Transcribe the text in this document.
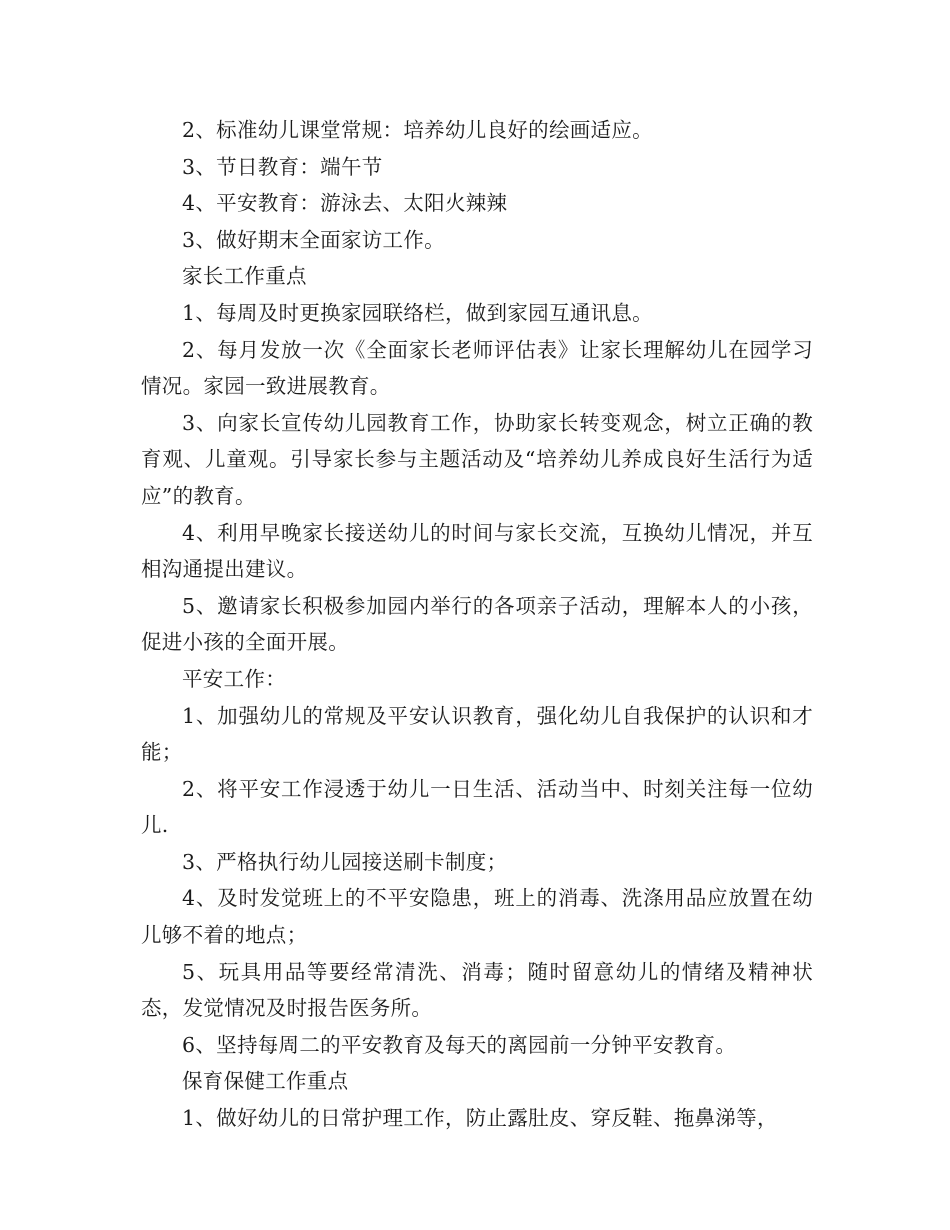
2、标准幼儿课堂常规：培养幼儿良好的绘画适应。

3、节日教育：端午节

4、平安教育：游泳去、太阳火辣辣

3、做好期末全面家访工作。

家长工作重点

1、每周及时更换家园联络栏，做到家园互通讯息。

2、每月发放一次《全面家长老师评估表》让家长理解幼儿在园学习情况。家园一致进展教育。

3、向家长宣传幼儿园教育工作，协助家长转变观念，树立正确的教育观、儿童观。引导家长参与主题活动及“培养幼儿养成良好生活行为适应”的教育。

4、利用早晚家长接送幼儿的时间与家长交流，互换幼儿情况，并互相沟通提出建议。

5、邀请家长积极参加园内举行的各项亲子活动，理解本人的小孩，促进小孩的全面开展。

平安工作：

1、加强幼儿的常规及平安认识教育，强化幼儿自我保护的认识和才能；

2、将平安工作浸透于幼儿一日生活、活动当中、时刻关注每一位幼儿.

3、严格执行幼儿园接送刷卡制度；

4、及时发觉班上的不平安隐患，班上的消毒、洗涤用品应放置在幼儿够不着的地点；

5、玩具用品等要经常清洗、消毒；随时留意幼儿的情绪及精神状态，发觉情况及时报告医务所。

6、坚持每周二的平安教育及每天的离园前一分钟平安教育。

保育保健工作重点

1、做好幼儿的日常护理工作，防止露肚皮、穿反鞋、拖鼻涕等，
